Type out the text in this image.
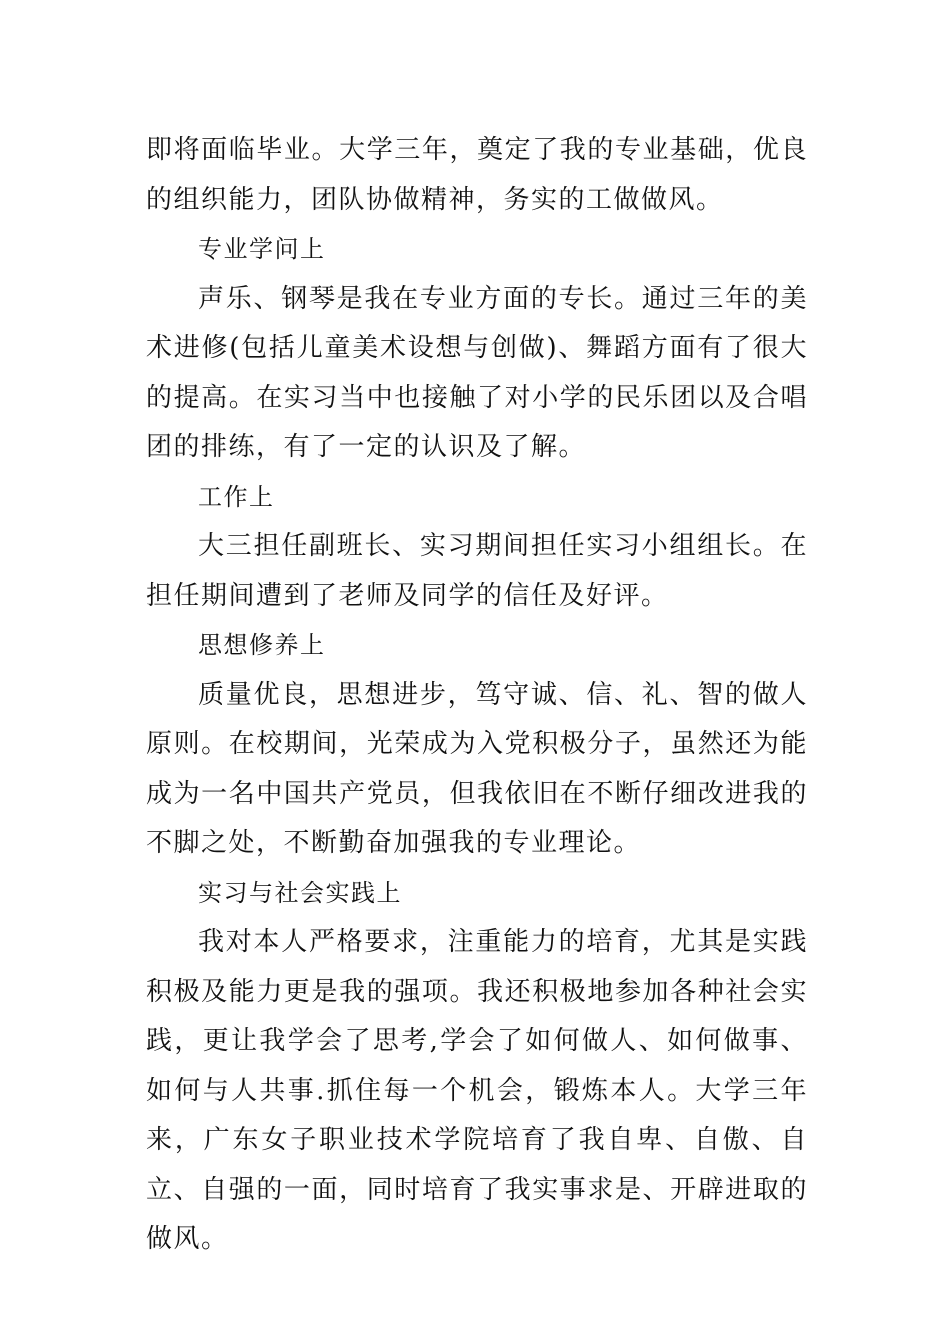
即将面临毕业。大学三年，奠定了我的专业基础，优良的组织能力，团队协做精神，务实的工做做风。

专业学问上

声乐、钢琴是我在专业方面的专长。通过三年的美术进修(包括儿童美术设想与创做)、舞蹈方面有了很大的提高。在实习当中也接触了对小学的民乐团以及合唱团的排练，有了一定的认识及了解。

工作上

大三担任副班长、实习期间担任实习小组组长。在担任期间遭到了老师及同学的信任及好评。

思想修养上

质量优良，思想进步，笃守诚、信、礼、智的做人原则。在校期间，光荣成为入党积极分子，虽然还为能成为一名中国共产党员，但我依旧在不断仔细改进我的不脚之处，不断勤奋加强我的专业理论。

实习与社会实践上

我对本人严格要求，注重能力的培育，尤其是实践积极及能力更是我的强项。我还积极地参加各种社会实践，更让我学会了思考,学会了如何做人、如何做事、如何与人共事.抓住每一个机会，锻炼本人。大学三年来，广东女子职业技术学院培育了我自卑、自傲、自立、自强的一面，同时培育了我实事求是、开辟进取的做风。
